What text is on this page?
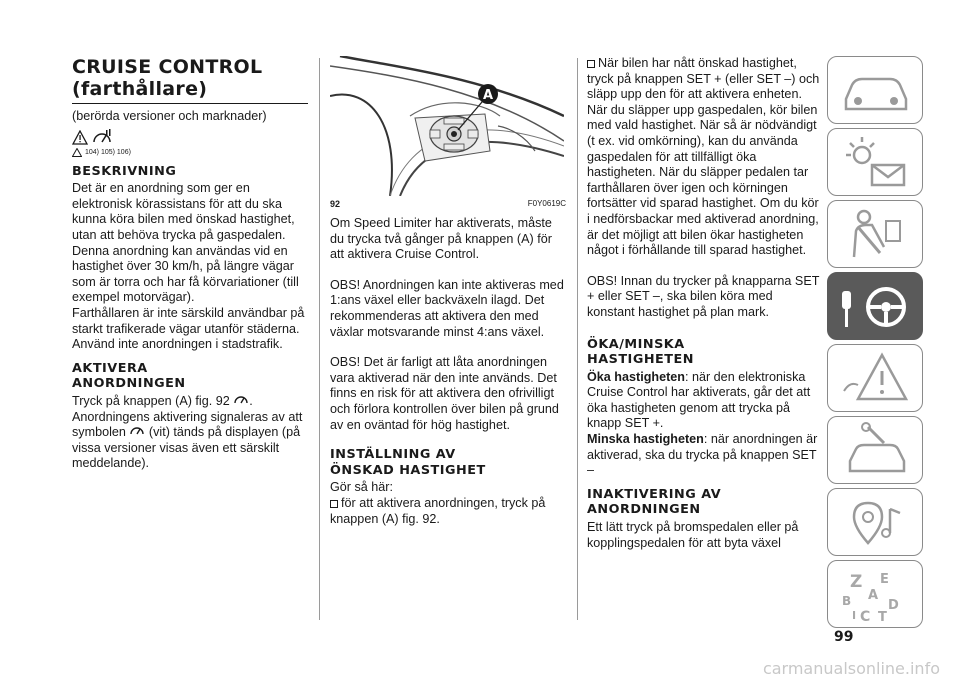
CRUISE CONTROL
(farthållare)

(berörda versioner och marknader)

104) 105) 106)
BESKRIVNING

Det är en anordning som ger en elektronisk körassistans för att du ska kunna köra bilen med önskad hastighet, utan att behöva trycka på gaspedalen. Denna anordning kan användas vid en hastighet över 30 km/h, på längre vägar som är torra och har få körvariationer (till exempel motorvägar).

Farthållaren är inte särskild användbar på starkt trafikerade vägar utanför städerna. Använd inte anordningen i stadstrafik.

AKTIVERA
ANORDNINGEN

Tryck på knappen (A) fig. 92 .

Anordningens aktivering signaleras av att symbolen (vit) tänds på displayen (på vissa versioner visas även ett särskilt meddelande).

A
92	F0Y0619C

Om Speed Limiter har aktiverats, måste du trycka två gånger på knappen (A) för att aktivera Cruise Control.

OBS! Anordningen kan inte aktiveras med 1:ans växel eller backväxeln ilagd. Det rekommenderas att aktivera den med växlar motsvarande minst 4:ans växel.

OBS! Det är farligt att låta anordningen vara aktiverad när den inte används. Det finns en risk för att aktivera den ofrivilligt och förlora kontrollen över bilen på grund av en oväntad för hög hastighet.

INSTÄLLNING AV
ÖNSKAD HASTIGHET

Gör så här:

för att aktivera anordningen, tryck på knappen (A) fig. 92.

När bilen har nått önskad hastighet, tryck på knappen SET + (eller SET –) och släpp upp den för att aktivera enheten. När du släpper upp gaspedalen, kör bilen med vald hastighet. När så är nödvändigt (t ex. vid omkörning), kan du använda gaspedalen för att tillfälligt öka hastigheten. När du släpper pedalen tar farthållaren över igen och körningen fortsätter vid sparad hastighet. Om du kör i nedförsbackar med aktiverad anordning, är det möjligt att bilen ökar hastigheten något i förhållande till sparad hastighet.

OBS! Innan du trycker på knapparna SET + eller SET –, ska bilen köra med konstant hastighet på plan mark.

ÖKA/MINSKA
HASTIGHETEN

Öka hastigheten: när den elektroniska Cruise Control har aktiverats, går det att öka hastigheten genom att trycka på knapp SET +.

Minska hastigheten: när anordningen är aktiverad, ska du trycka på knappen SET –

INAKTIVERING AV
ANORDNINGEN

Ett lätt tryck på bromspedalen eller på kopplingspedalen för att byta växel

Z E
A
B
C
D
I T
99
carmanualsonline.info
